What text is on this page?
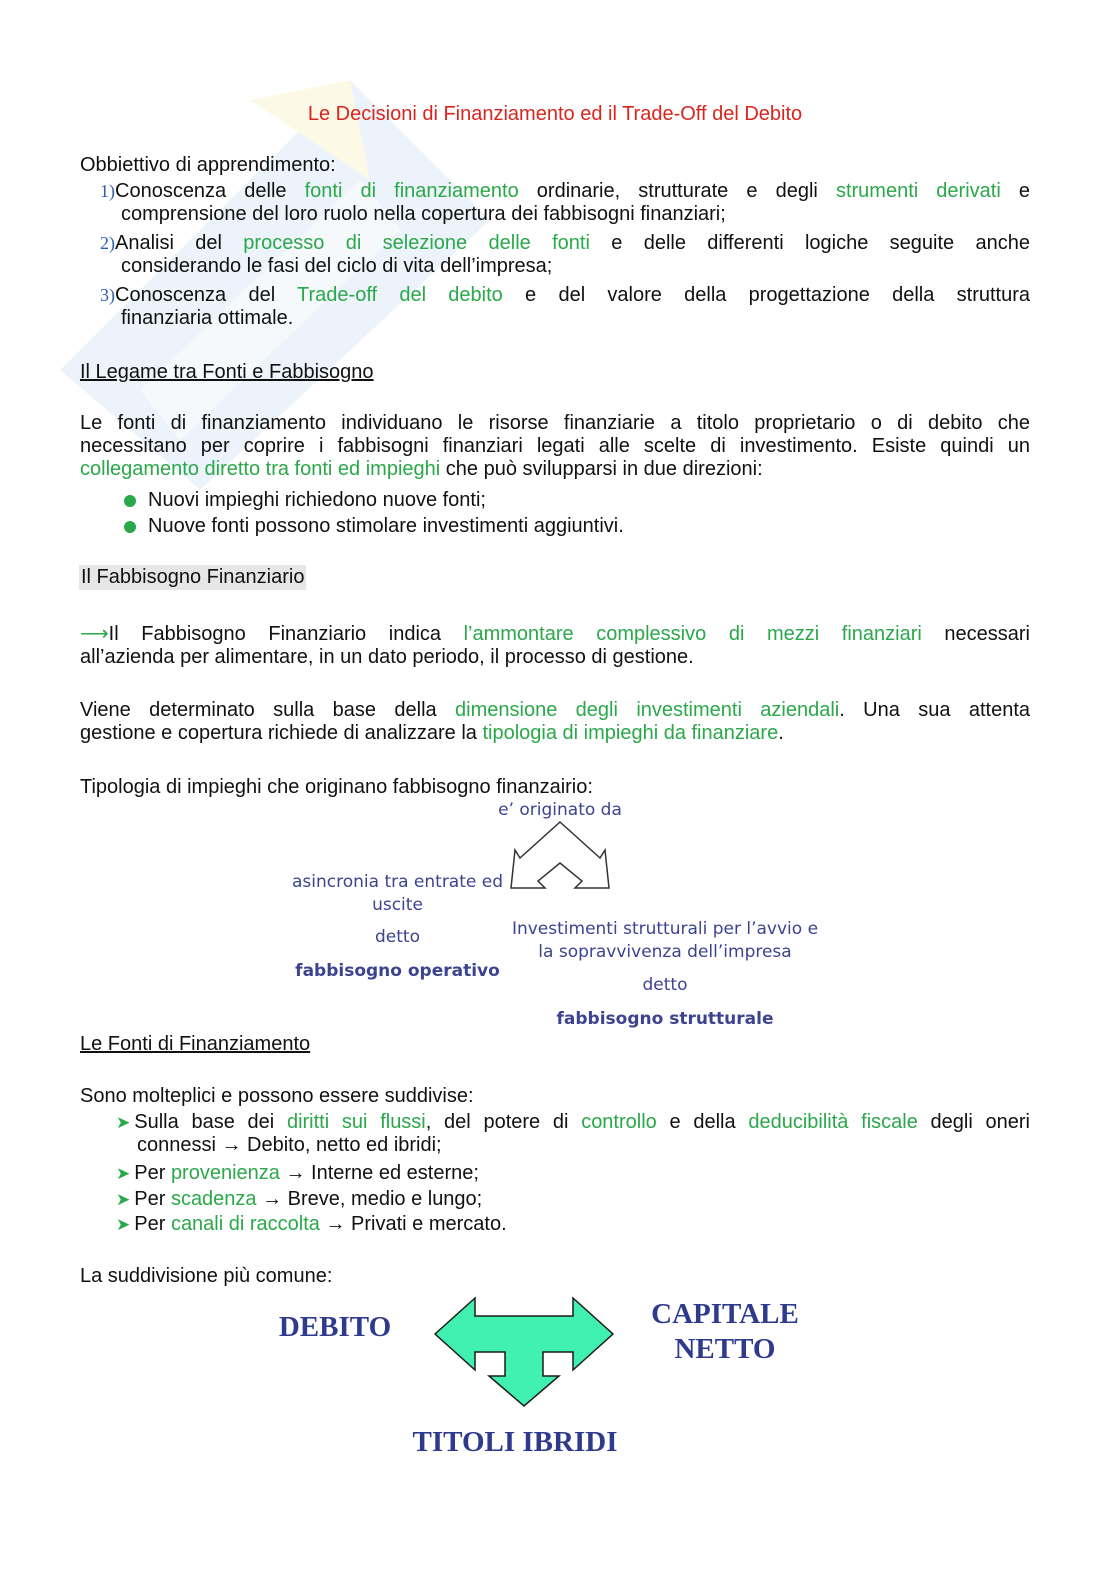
Le Decisioni di Finanziamento ed il Trade-Off del Debito
Obbiettivo di apprendimento:
1)Conoscenza delle fonti di finanziamento ordinarie, strutturate e degli strumenti derivati e
comprensione del loro ruolo nella copertura dei fabbisogni finanziari;
2)Analisi del processo di selezione delle fonti e delle differenti logiche seguite anche
considerando le fasi del ciclo di vita dell’impresa;
3)Conoscenza del Trade-off del debito e del valore della progettazione della struttura
finanziaria ottimale.
Il Legame tra Fonti e Fabbisogno
Le fonti di finanziamento individuano le risorse finanziarie a titolo proprietario o di debito che
necessitano per coprire i fabbisogni finanziari legati alle scelte di investimento. Esiste quindi un
collegamento diretto tra fonti ed impieghi che può svilupparsi in due direzioni:
Nuovi impieghi richiedono nuove fonti;
Nuove fonti possono stimolare investimenti aggiuntivi.
Il Fabbisogno Finanziario
⟶Il Fabbisogno Finanziario indica l’ammontare complessivo di mezzi finanziari necessari
all’azienda per alimentare, in un dato periodo, il processo di gestione.
Viene determinato sulla base della dimensione degli investimenti aziendali. Una sua attenta
gestione e copertura richiede di analizzare la tipologia di impieghi da finanziare.
Tipologia di impieghi che originano fabbisogno finanzairio:
e’ originato da
asincronia tra entrate ed
uscite
detto
fabbisogno operativo
Investimenti strutturali per l’avvio e
la sopravvivenza dell’impresa
detto
fabbisogno strutturale
Le Fonti di Finanziamento
Sono molteplici e possono essere suddivise:
➤ Sulla base dei diritti sui flussi, del potere di controllo e della deducibilità fiscale degli oneri
connessi → Debito, netto ed ibridi;
➤ Per provenienza → Interne ed esterne;
➤ Per scadenza → Breve, medio e lungo;
➤ Per canali di raccolta → Privati e mercato.
La suddivisione più comune:
DEBITO	CAPITALE
NETTO
TITOLI IBRIDI
